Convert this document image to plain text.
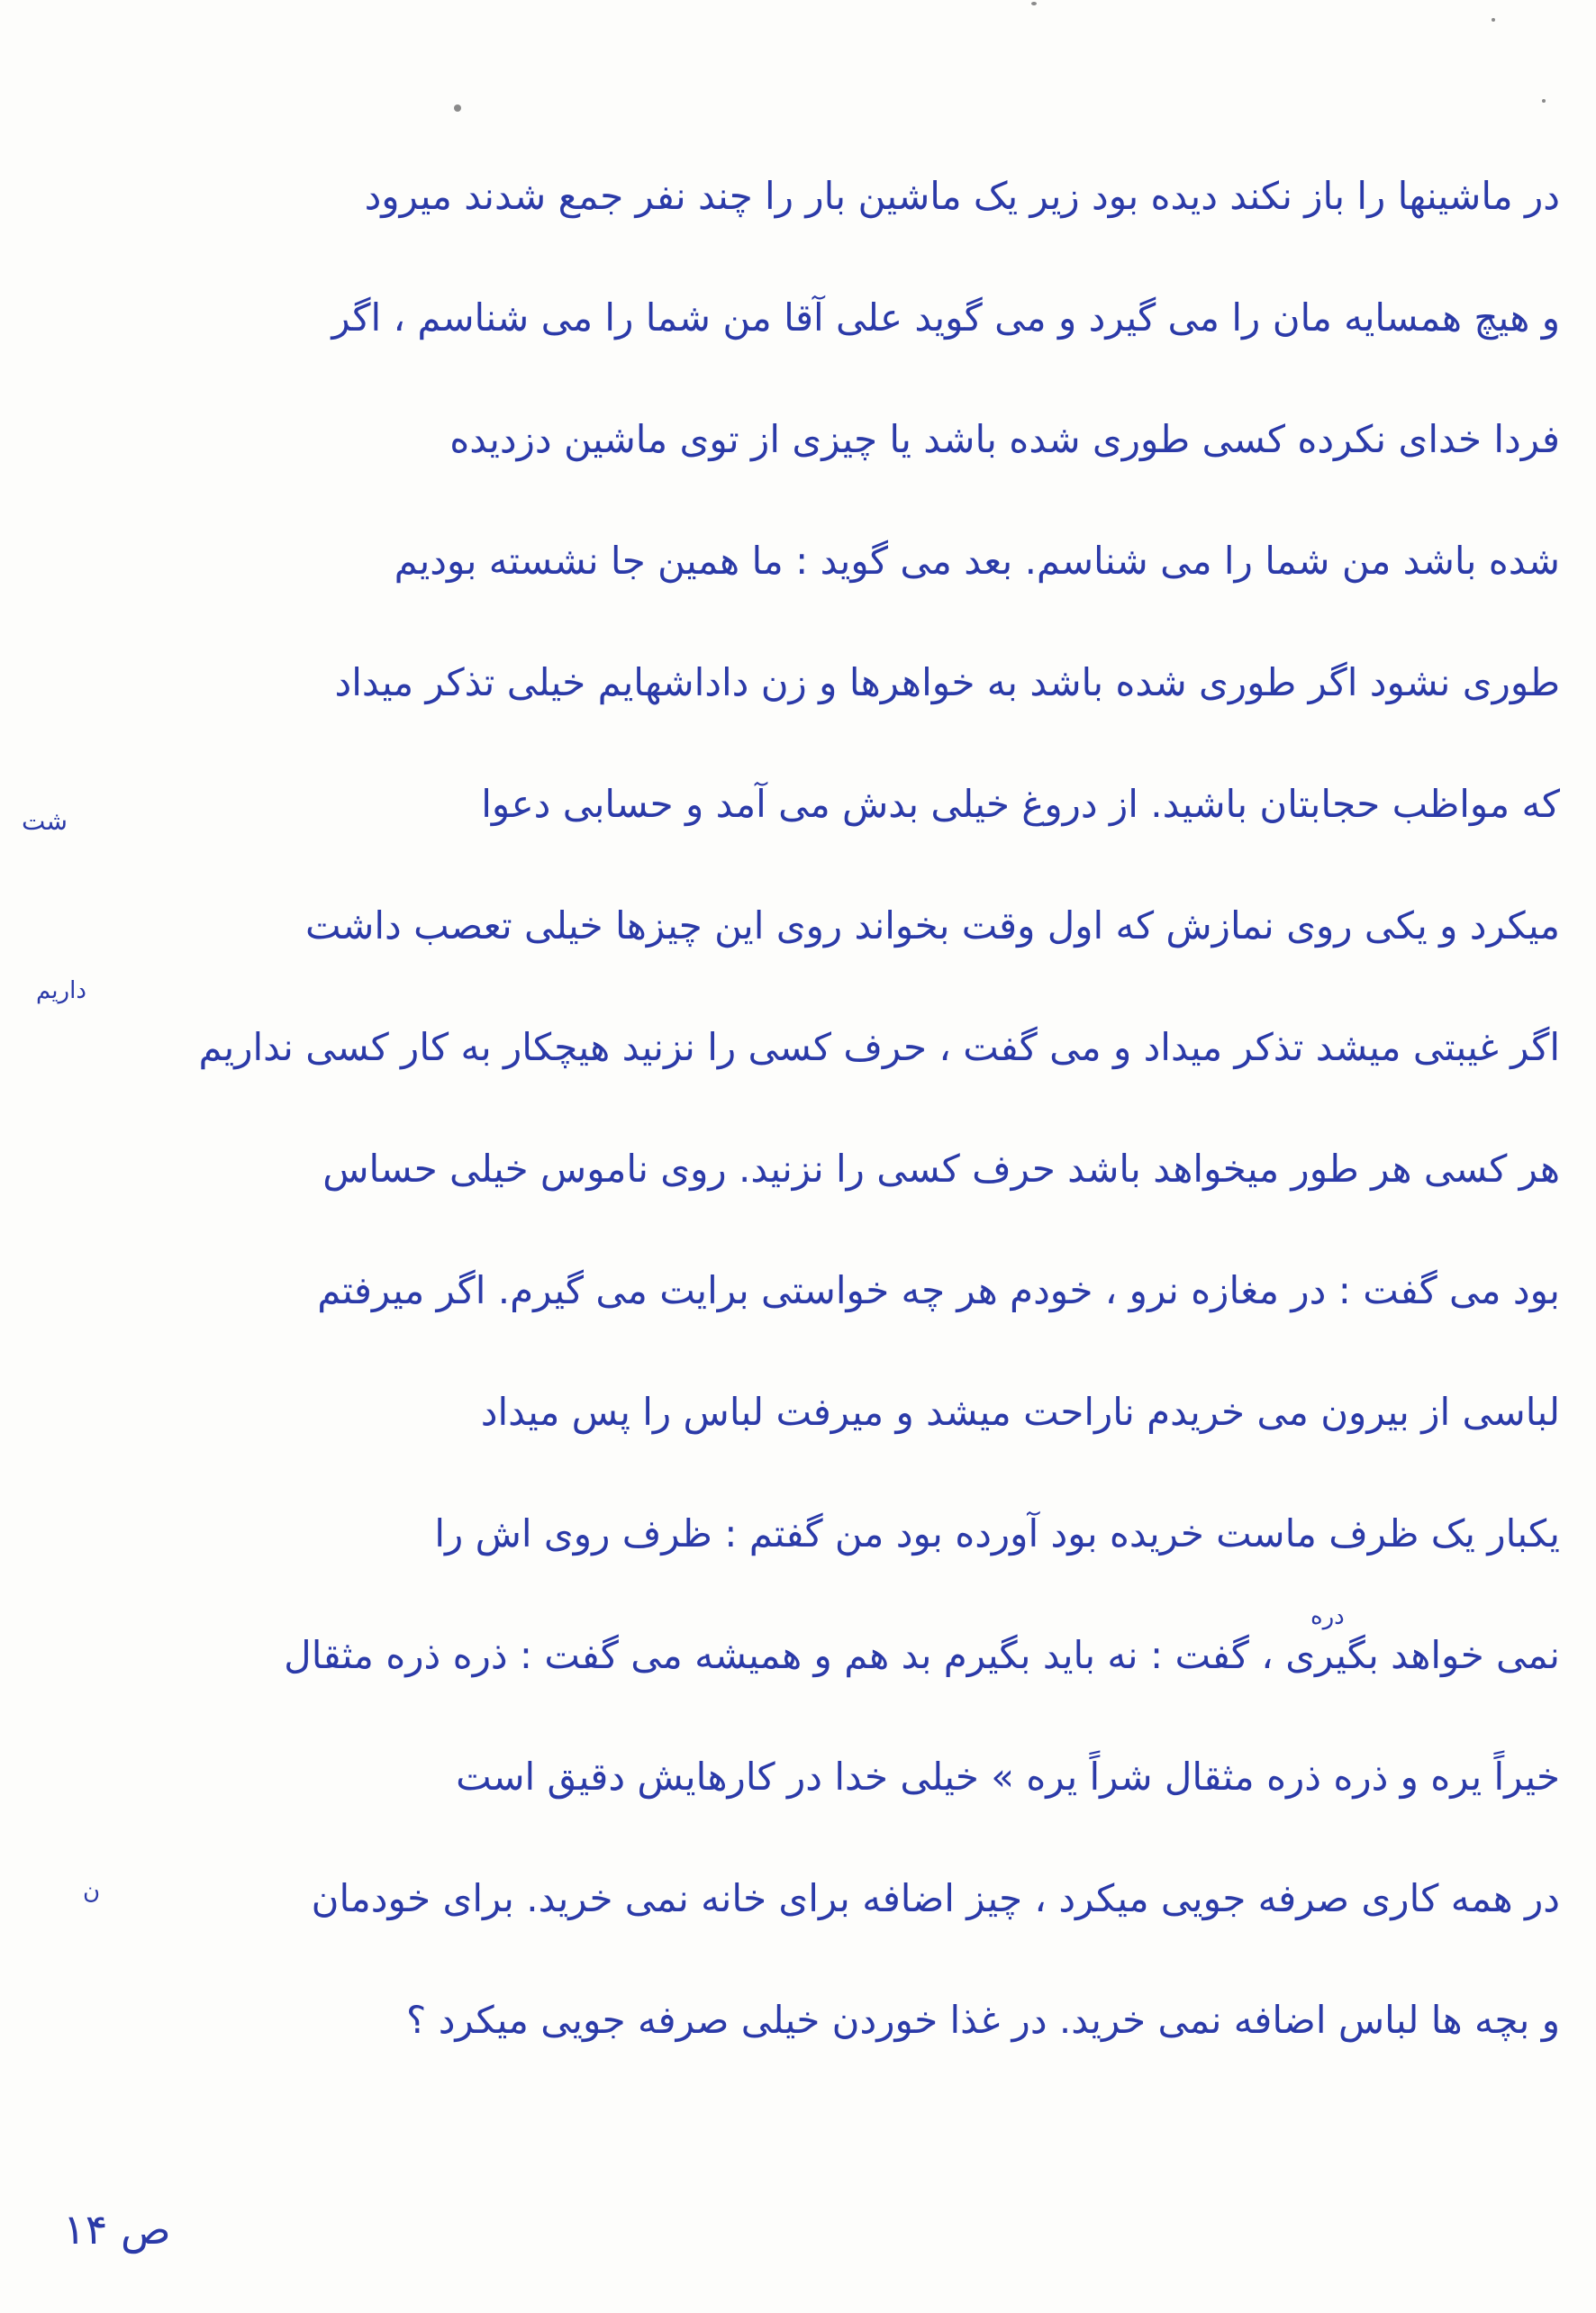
در ماشینها را باز نکند دیده بود زیر یک ماشین بار را چند نفر جمع شدند میرود
و هیچ همسایه مان را می گیرد و می گوید علی آقا من شما را می شناسم ، اگر
فردا خدای نکرده کسی طوری شده باشد یا چیزی از توی ماشین دزدیده
شده باشد من شما را می شناسم. بعد می گوید : ما همین جا نشسته بودیم
طوری نشود اگر طوری شده باشد به خواهرها و زن داداشهایم خیلی تذکر میداد
که مواظب حجابتان باشید. از دروغ خیلی بدش می آمد و حسابی دعوا
میکرد و یکی روی نمازش که اول وقت بخواند روی این چیزها خیلی تعصب داشت
اگر غیبتی میشد تذکر میداد و می گفت ، حرف کسی را نزنید هیچکار به کار کسی نداریم
هر کسی هر طور میخواهد باشد حرف کسی را نزنید. روی ناموس خیلی حساس
بود می گفت : در مغازه نرو ، خودم هر چه خواستی برایت می گیرم. اگر میرفتم
لباسی از بیرون می خریدم ناراحت میشد و میرفت لباس را پس میداد
یکبار یک ظرف ماست خریده بود آورده بود من گفتم : ظرف روی اش را
نمی خواهد بگیری ، گفت : نه باید بگیرم بد هم و همیشه می گفت : ذره ذره مثقال
خیراً یره و ذره ذره مثقال شراً یره » خیلی خدا در کارهایش دقیق است
در همه کاری صرفه جویی میکرد ، چیز اضافه برای خانه نمی خرید. برای خودمان
و بچه ها لباس اضافه نمی خرید. در غذا خوردن خیلی صرفه جویی میکرد ؟
شت
داریم
دره
ن
ص ۱۴
